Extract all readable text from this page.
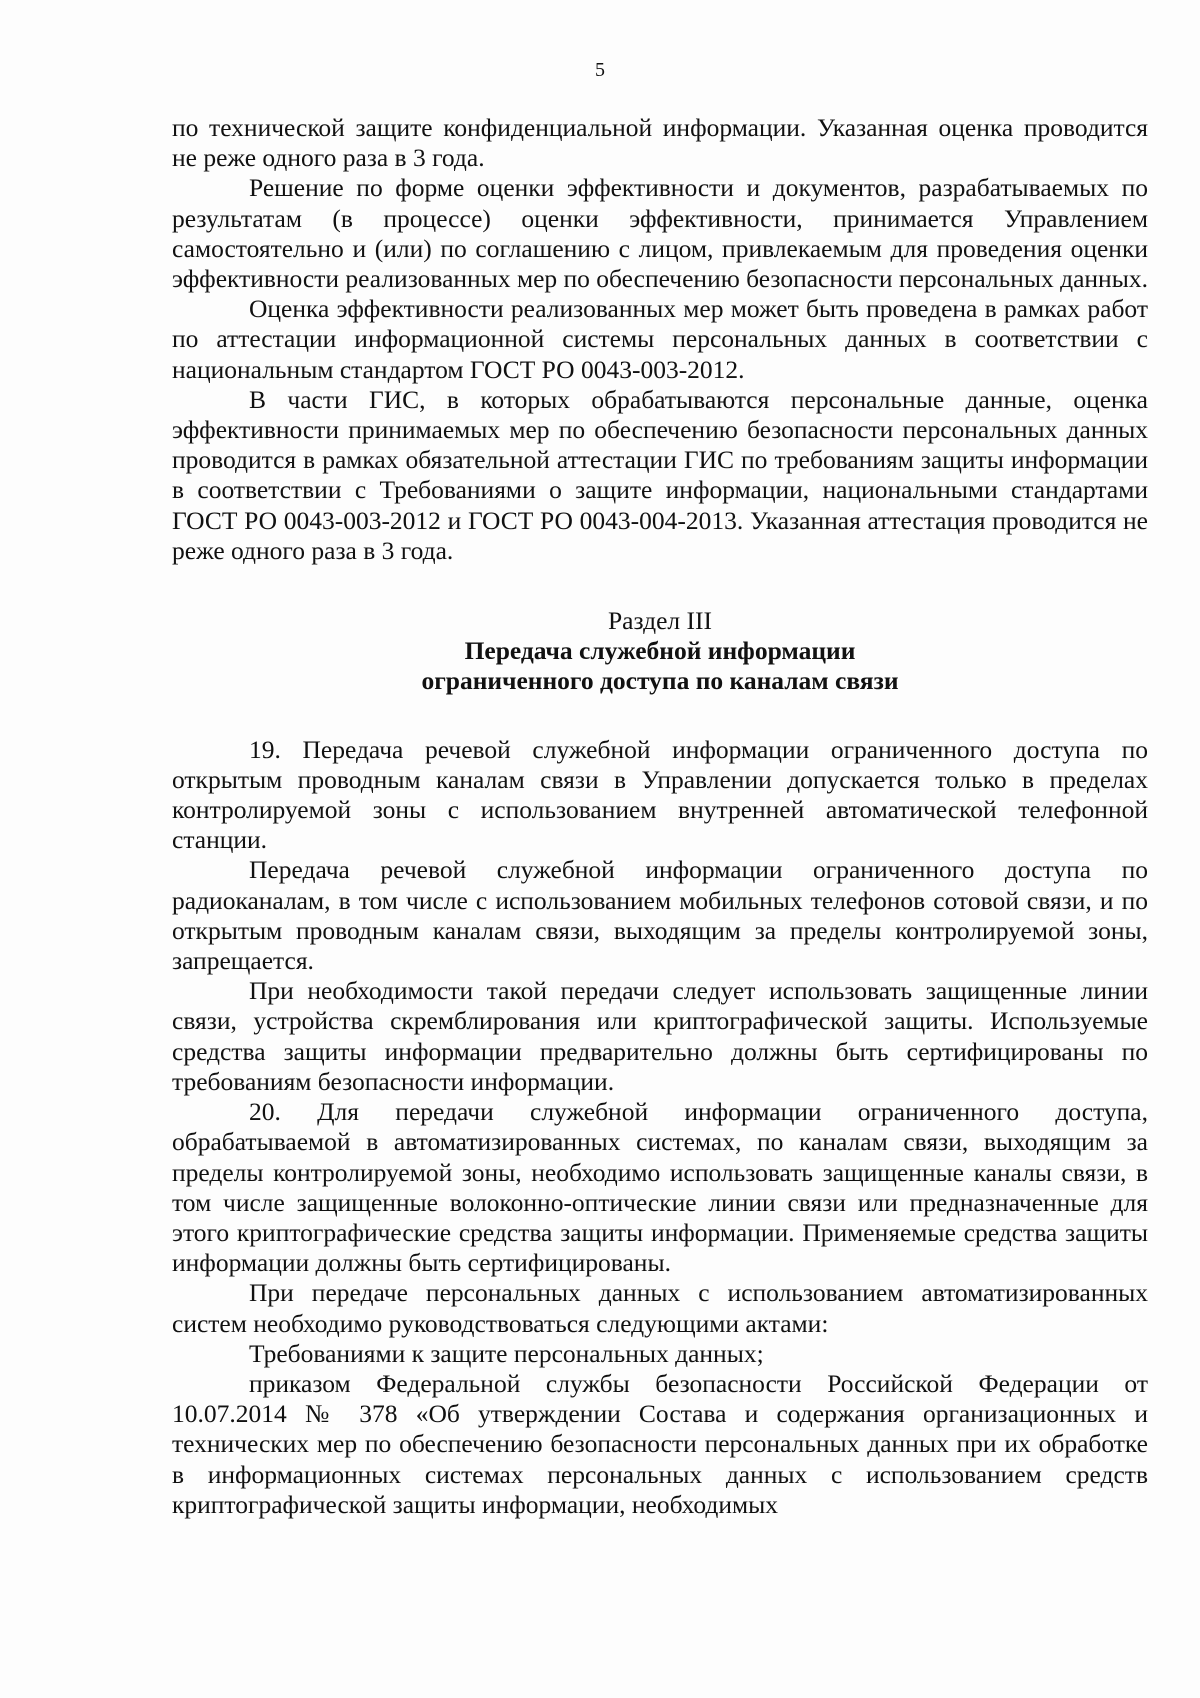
5

по технической защите конфиденциальной информации. Указанная оценка проводится не реже одного раза в 3 года.

Решение по форме оценки эффективности и документов, разрабатываемых по результатам (в процессе) оценки эффективности, принимается Управлением самостоятельно и (или) по соглашению с лицом, привлекаемым для проведения оценки эффективности реализованных мер по обеспечению безопасности персональных данных.

Оценка эффективности реализованных мер может быть проведена в рамках работ по аттестации информационной системы персональных данных в соответствии с национальным стандартом ГОСТ РО 0043-003-2012.

В части ГИС, в которых обрабатываются персональные данные, оценка эффективности принимаемых мер по обеспечению безопасности персональных данных проводится в рамках обязательной аттестации ГИС по требованиям защиты информации в соответствии с Требованиями о защите информации, национальными стандартами ГОСТ РО 0043-003-2012 и ГОСТ РО 0043-004-2013. Указанная аттестация проводится не реже одного раза в 3 года.

Раздел III
Передача служебной информации
ограниченного доступа по каналам связи

19. Передача речевой служебной информации ограниченного доступа по открытым проводным каналам связи в Управлении допускается только в пределах контролируемой зоны с использованием внутренней автоматической телефонной станции.

Передача речевой служебной информации ограниченного доступа по радиоканалам, в том числе с использованием мобильных телефонов сотовой связи, и по открытым проводным каналам связи, выходящим за пределы контролируемой зоны, запрещается.

При необходимости такой передачи следует использовать защищенные линии связи, устройства скремблирования или криптографической защиты. Используемые средства защиты информации предварительно должны быть сертифицированы по требованиям безопасности информации.

20. Для передачи служебной информации ограниченного доступа, обрабатываемой в автоматизированных системах, по каналам связи, выходящим за пределы контролируемой зоны, необходимо использовать защищенные каналы связи, в том числе защищенные волоконно-оптические линии связи или предназначенные для этого криптографические средства защиты информации. Применяемые средства защиты информации должны быть сертифицированы.

При передаче персональных данных с использованием автоматизированных систем необходимо руководствоваться следующими актами:

Требованиями к защите персональных данных;

приказом Федеральной службы безопасности Российской Федерации от 10.07.2014 № 378 «Об утверждении Состава и содержания организационных и технических мер по обеспечению безопасности персональных данных при их обработке в информационных системах персональных данных с использованием средств криптографической защиты информации, необходимых
